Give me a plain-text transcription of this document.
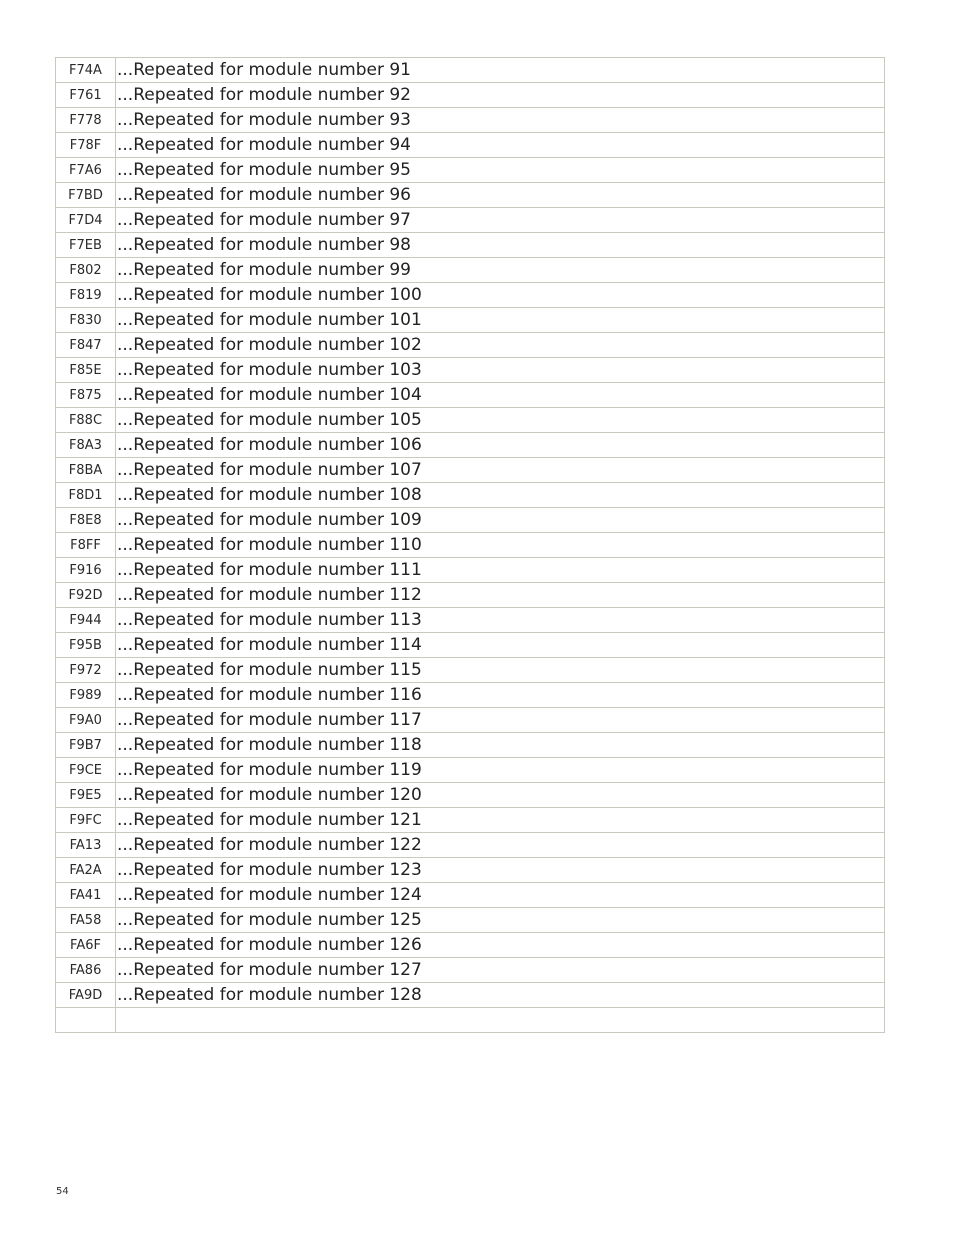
F74A	...Repeated for module number 91
F761	...Repeated for module number 92
F778	...Repeated for module number 93
F78F	...Repeated for module number 94
F7A6	...Repeated for module number 95
F7BD	...Repeated for module number 96
F7D4	...Repeated for module number 97
F7EB	...Repeated for module number 98
F802	...Repeated for module number 99
F819	...Repeated for module number 100
F830	...Repeated for module number 101
F847	...Repeated for module number 102
F85E	...Repeated for module number 103
F875	...Repeated for module number 104
F88C	...Repeated for module number 105
F8A3	...Repeated for module number 106
F8BA	...Repeated for module number 107
F8D1	...Repeated for module number 108
F8E8	...Repeated for module number 109
F8FF	...Repeated for module number 110
F916	...Repeated for module number 111
F92D	...Repeated for module number 112
F944	...Repeated for module number 113
F95B	...Repeated for module number 114
F972	...Repeated for module number 115
F989	...Repeated for module number 116
F9A0	...Repeated for module number 117
F9B7	...Repeated for module number 118
F9CE	...Repeated for module number 119
F9E5	...Repeated for module number 120
F9FC	...Repeated for module number 121
FA13	...Repeated for module number 122
FA2A	...Repeated for module number 123
FA41	...Repeated for module number 124
FA58	...Repeated for module number 125
FA6F	...Repeated for module number 126
FA86	...Repeated for module number 127
FA9D	...Repeated for module number 128

54
